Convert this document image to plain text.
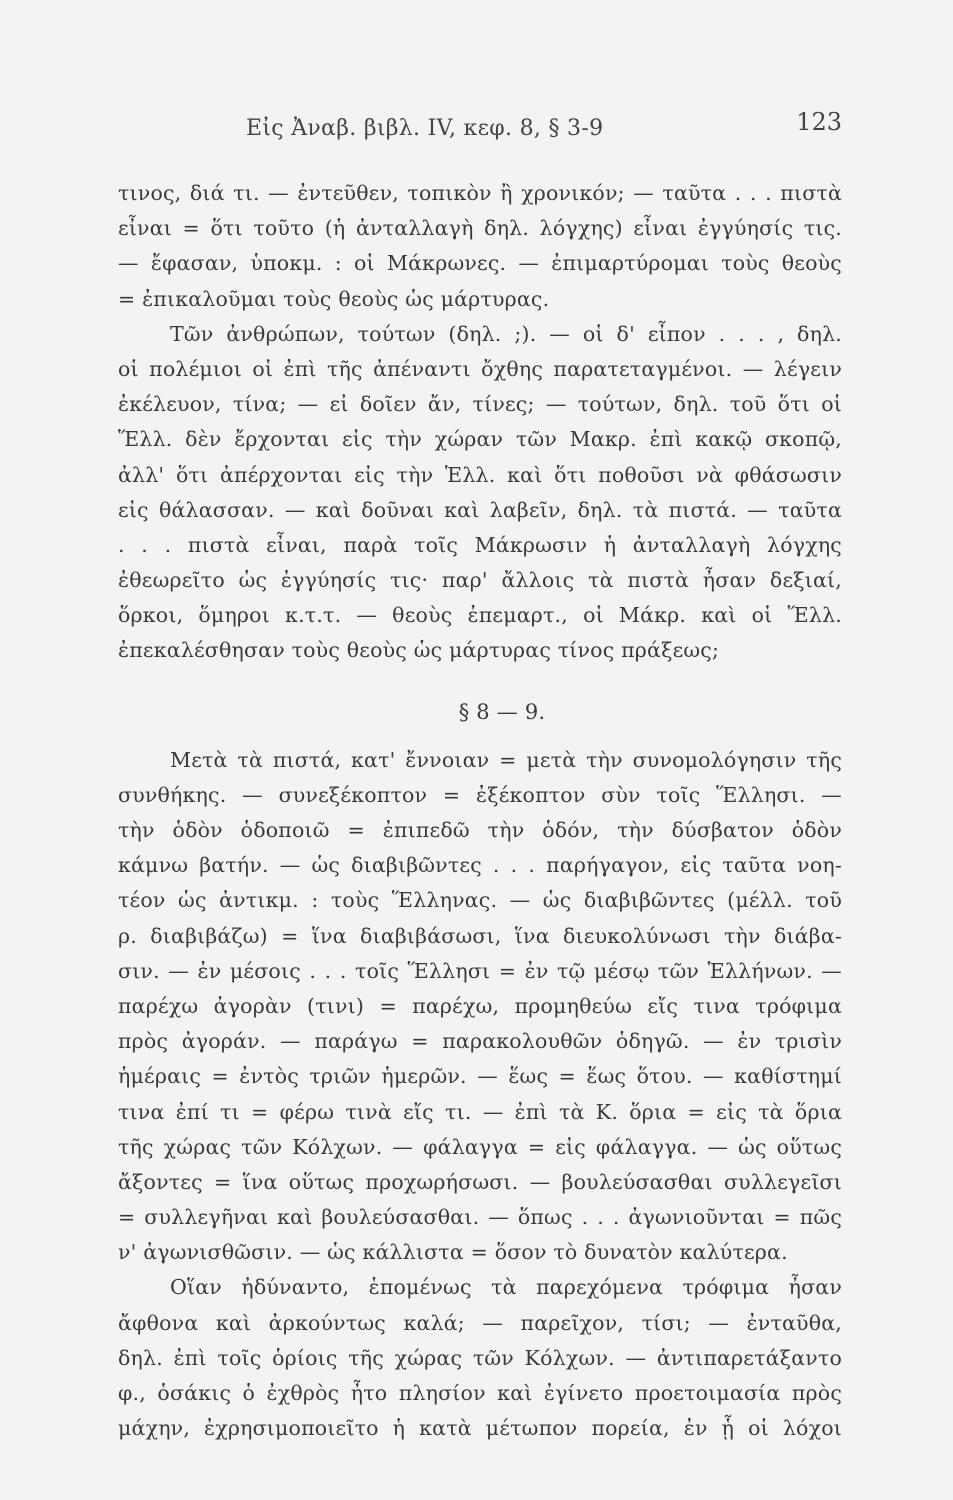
Εἰς Ἀναβ. βιβλ. IV, κεφ. 8, § 3-9	123
τινος, διά τι. — ἐντεῦθεν, τοπικὸν ἢ χρονικόν; — ταῦτα . . . πιστὰ
εἶναι = ὅτι τοῦτο (ἡ ἀνταλλαγὴ δηλ. λόγχης) εἶναι ἐγγύησίς τις.
— ἔφασαν, ὑποκμ. : οἱ Μάκρωνες. — ἐπιμαρτύρομαι τοὺς θεοὺς
= ἐπικαλοῦμαι τοὺς θεοὺς ὡς μάρτυρας.
Τῶν ἀνθρώπων, τούτων (δηλ. ;). — οἱ δ' εἶπον . . . , δηλ.
οἱ πολέμιοι οἱ ἐπὶ τῆς ἀπέναντι ὄχθης παρατεταγμένοι. — λέγειν
ἐκέλευον, τίνα; — εἰ δοῖεν ἄν, τίνες; — τούτων, δηλ. τοῦ ὅτι οἱ
Ἕλλ. δὲν ἔρχονται εἰς τὴν χώραν τῶν Μακρ. ἐπὶ κακῷ σκοπῷ,
ἀλλ' ὅτι ἀπέρχονται εἰς τὴν Ἑλλ. καὶ ὅτι ποθοῦσι νὰ φθάσωσιν
εἰς θάλασσαν. — καὶ δοῦναι καὶ λαβεῖν, δηλ. τὰ πιστά. — ταῦτα
. . . πιστὰ εἶναι, παρὰ τοῖς Μάκρωσιν ἡ ἀνταλλαγὴ λόγχης
ἐθεωρεῖτο ὡς ἐγγύησίς τις· παρ' ἄλλοις τὰ πιστὰ ἦσαν δεξιαί,
ὅρκοι, ὅμηροι κ.τ.τ. — θεοὺς ἐπεμαρτ., οἱ Μάκρ. καὶ οἱ Ἕλλ.
ἐπεκαλέσθησαν τοὺς θεοὺς ὡς μάρτυρας τίνος πράξεως;
§ 8 — 9.
Μετὰ τὰ πιστά, κατ' ἔννοιαν = μετὰ τὴν συνομολόγησιν τῆς
συνθήκης. — συνεξέκοπτον = ἐξέκοπτον σὺν τοῖς Ἕλλησι. —
τὴν ὁδὸν ὁδοποιῶ = ἐπιπεδῶ τὴν ὁδόν, τὴν δύσβατον ὁδὸν
κάμνω βατήν. — ὡς διαβιβῶντες . . . παρήγαγον, εἰς ταῦτα νοη-
τέον ὡς ἀντικμ. : τοὺς Ἕλληνας. — ὡς διαβιβῶντες (μέλλ. τοῦ
ρ. διαβιβάζω) = ἵνα διαβιβάσωσι, ἵνα διευκολύνωσι τὴν διάβα-
σιν. — ἐν μέσοις . . . τοῖς Ἕλλησι = ἐν τῷ μέσῳ τῶν Ἑλλήνων. —
παρέχω ἀγορὰν (τινι) = παρέχω, προμηθεύω εἴς τινα τρόφιμα
πρὸς ἀγοράν. — παράγω = παρακολουθῶν ὁδηγῶ. — ἐν τρισὶν
ἡμέραις = ἐντὸς τριῶν ἡμερῶν. — ἕως = ἕως ὅτου. — καθίστημί
τινα ἐπί τι = φέρω τινὰ εἴς τι. — ἐπὶ τὰ Κ. ὅρια = εἰς τὰ ὅρια
τῆς χώρας τῶν Κόλχων. — φάλαγγα = εἰς φάλαγγα. — ὡς οὕτως
ἄξοντες = ἵνα οὕτως προχωρήσωσι. — βουλεύσασθαι συλλεγεῖσι
= συλλεγῆναι καὶ βουλεύσασθαι. — ὅπως . . . ἀγωνιοῦνται = πῶς
ν' ἀγωνισθῶσιν. — ὡς κάλλιστα = ὅσον τὸ δυνατὸν καλύτερα.
Οἵαν ἠδύναντο, ἑπομένως τὰ παρεχόμενα τρόφιμα ἦσαν
ἄφθονα καὶ ἀρκούντως καλά; — παρεῖχον, τίσι; — ἐνταῦθα,
δηλ. ἐπὶ τοῖς ὁρίοις τῆς χώρας τῶν Κόλχων. — ἀντιπαρετάξαντο
φ., ὁσάκις ὁ ἐχθρὸς ἦτο πλησίον καὶ ἐγίνετο προετοιμασία πρὸς
μάχην, ἐχρησιμοποιεῖτο ἡ κατὰ μέτωπον πορεία, ἐν ᾗ οἱ λόχοι
